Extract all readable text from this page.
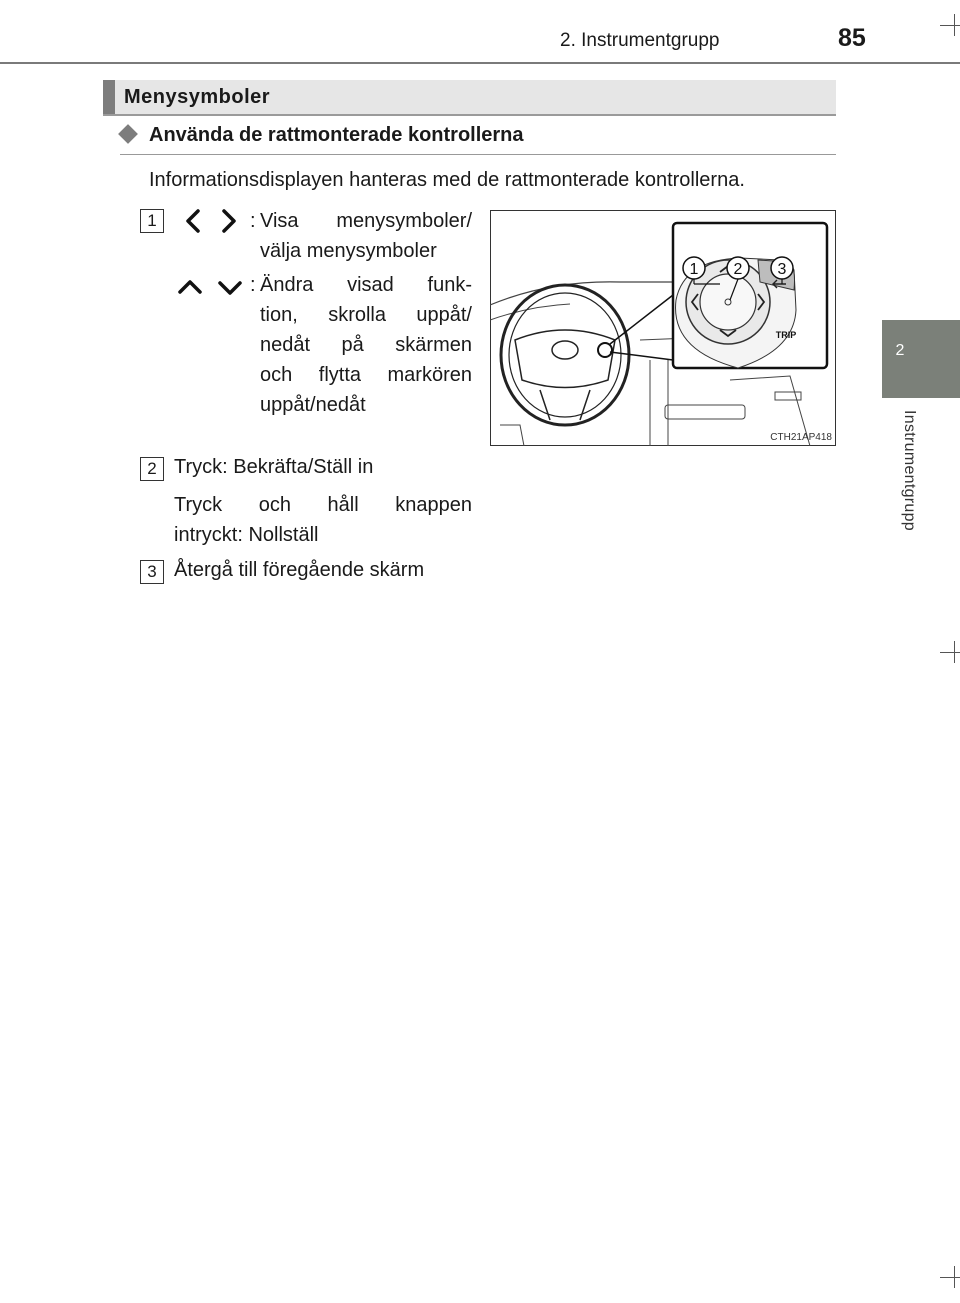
2. Instrumentgrupp	85
2
Instrumentgrupp
Menysymboler
Använda de rattmonterade kontrollerna
Informationsdisplayen hanteras med de rattmonterade kontrollerna.
1	: Visa menysymboler/
välja menysymboler
: Ändra visad funk-
tion, skrolla uppåt/
nedåt på skärmen
och flytta markören
uppåt/nedåt
2 Tryck: Bekräfta/Ställ in
Tryck och håll knappen
intryckt: Nollställ
3 Återgå till föregående skärm
1 2 3
TRIP
CTH21AP418
